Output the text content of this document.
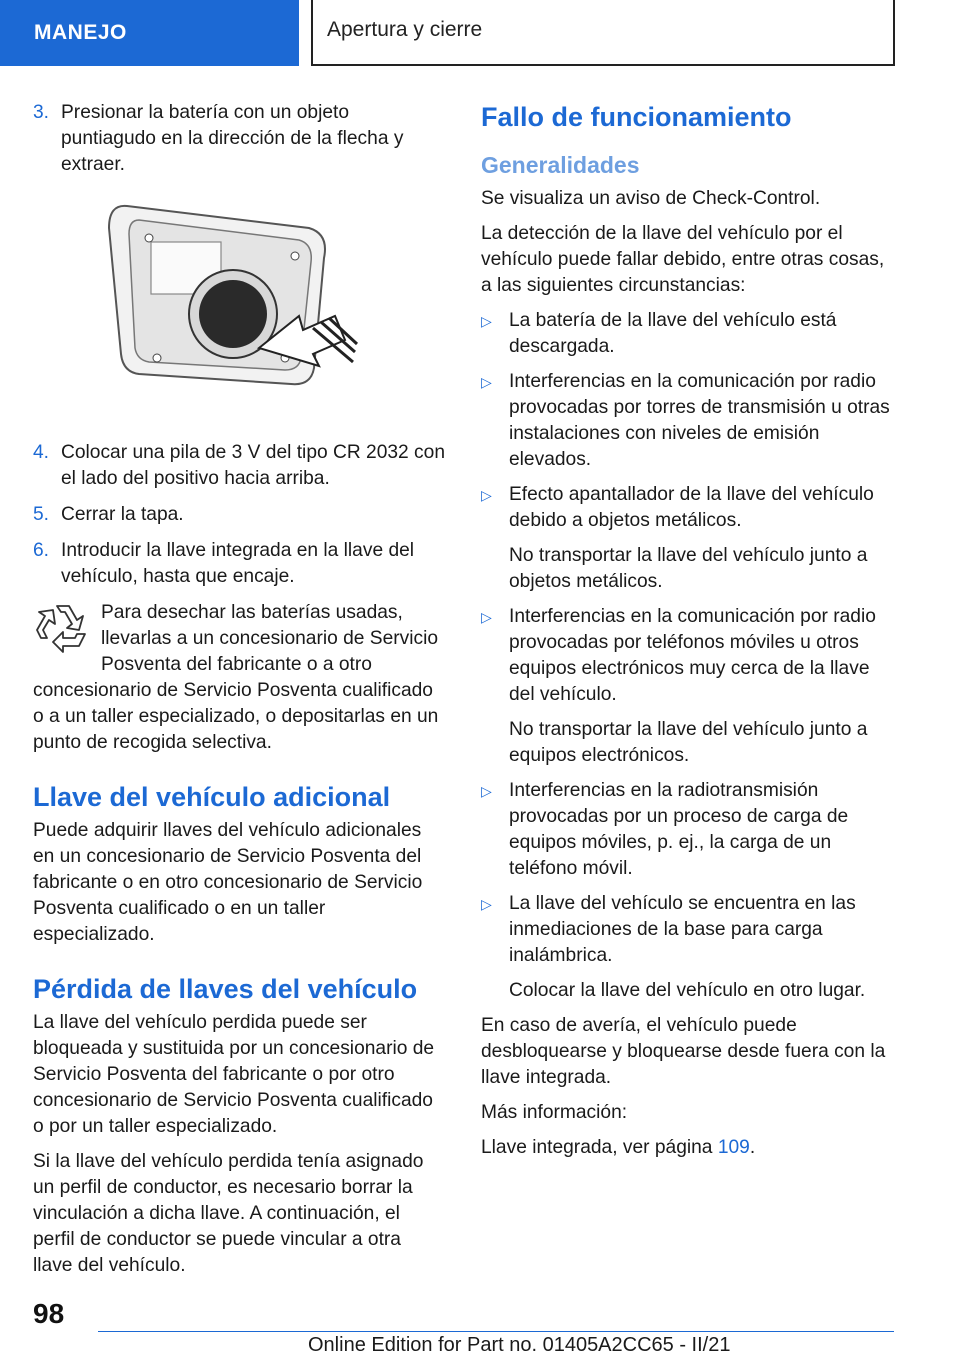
MANEJO	Apertura y cierre
3. Presionar la batería con un objeto puntiagudo en la dirección de la flecha y extraer.
4. Colocar una pila de 3 V del tipo CR 2032 con el lado del positivo hacia arriba.
5. Cerrar la tapa.
6. Introducir la llave integrada en la llave del vehículo, hasta que encaje.

Para desechar las baterías usadas, llevarlas a un concesionario de Servicio Posventa del fabricante o a otro concesionario de Servicio Posventa cualificado o a un taller especializado, o depositarlas en un punto de recogida selectiva.

Llave del vehículo adicional

Puede adquirir llaves del vehículo adicionales en un concesionario de Servicio Posventa del fabricante o en otro concesionario de Servicio Posventa cualificado o en un taller especializado.

Pérdida de llaves del vehículo

La llave del vehículo perdida puede ser bloqueada y sustituida por un concesionario de Servicio Posventa del fabricante o por otro concesionario de Servicio Posventa cualificado o por un taller especializado.

Si la llave del vehículo perdida tenía asignado un perfil de conductor, es necesario borrar la vinculación a dicha llave. A continuación, el perfil de conductor se puede vincular a otra llave del vehículo.

Fallo de funcionamiento
Generalidades

Se visualiza un aviso de Check-Control.

La detección de la llave del vehículo por el vehículo puede fallar debido, entre otras cosas, a las siguientes circunstancias:

▷ La batería de la llave del vehículo está descargada.
▷ Interferencias en la comunicación por radio provocadas por torres de transmisión u otras instalaciones con niveles de emisión elevados.
▷ Efecto apantallador de la llave del vehículo debido a objetos metálicos.
No transportar la llave del vehículo junto a objetos metálicos.
▷ Interferencias en la comunicación por radio provocadas por teléfonos móviles u otros equipos electrónicos muy cerca de la llave del vehículo.
No transportar la llave del vehículo junto a equipos electrónicos.
▷ Interferencias en la radiotransmisión provocadas por un proceso de carga de equipos móviles, p. ej., la carga de un teléfono móvil.
▷ La llave del vehículo se encuentra en las inmediaciones de la base para carga inalámbrica.
Colocar la llave del vehículo en otro lugar.

En caso de avería, el vehículo puede desbloquearse y bloquearse desde fuera con la llave integrada.

Más información:

Llave integrada, ver página 109.

98
Online Edition for Part no. 01405A2CC65 - II/21
